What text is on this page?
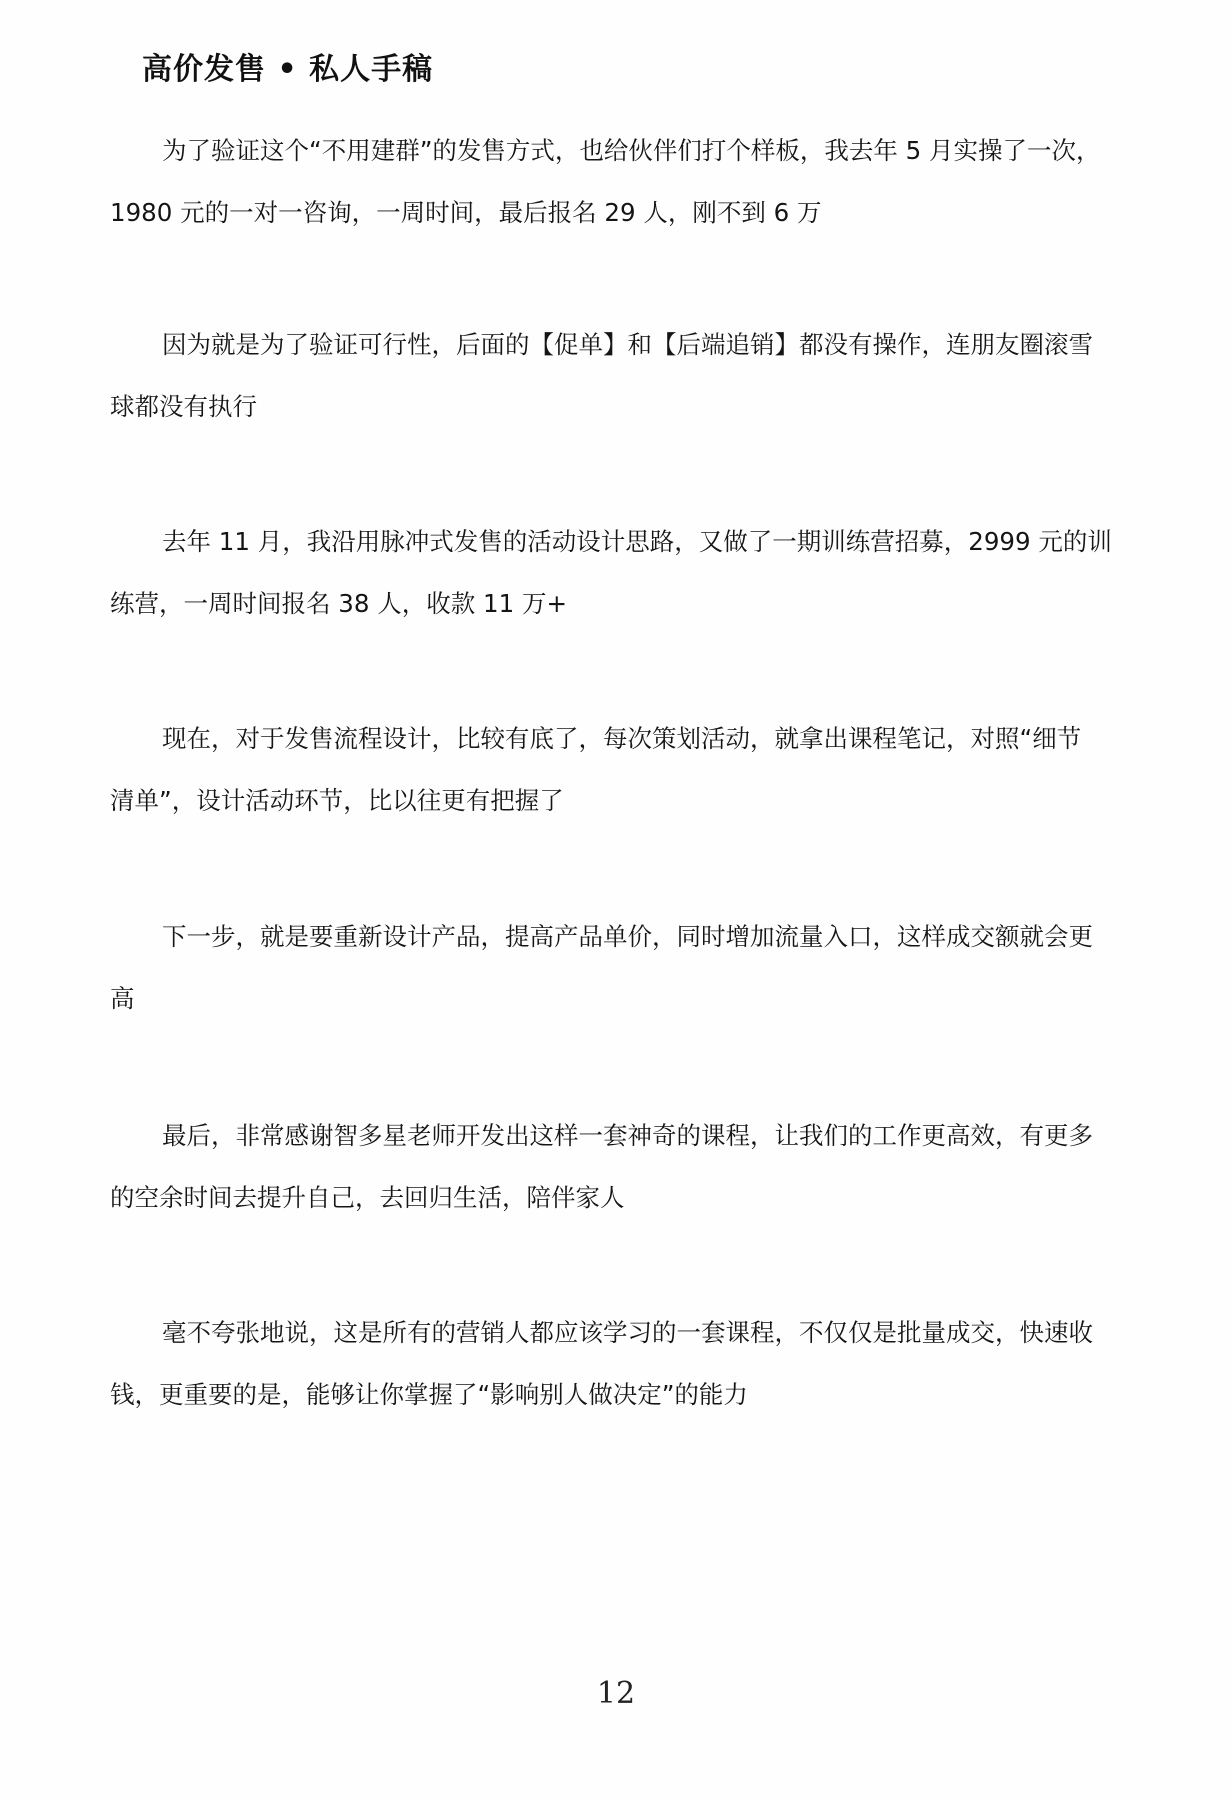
高价发售 • 私人手稿
为了验证这个“不用建群”的发售方式，也给伙伴们打个样板，我去年 5 月实操了一次，
1980 元的一对一咨询，一周时间，最后报名 29 人，刚不到 6 万
因为就是为了验证可行性，后面的【促单】和【后端追销】都没有操作，连朋友圈滚雪
球都没有执行
去年 11 月，我沿用脉冲式发售的活动设计思路，又做了一期训练营招募，2999 元的训
练营，一周时间报名 38 人，收款 11 万+
现在，对于发售流程设计，比较有底了，每次策划活动，就拿出课程笔记，对照“细节
清单”，设计活动环节，比以往更有把握了
下一步，就是要重新设计产品，提高产品单价，同时增加流量入口，这样成交额就会更
高
最后，非常感谢智多星老师开发出这样一套神奇的课程，让我们的工作更高效，有更多
的空余时间去提升自己，去回归生活，陪伴家人
毫不夸张地说，这是所有的营销人都应该学习的一套课程，不仅仅是批量成交，快速收
钱，更重要的是，能够让你掌握了“影响别人做决定”的能力
12
